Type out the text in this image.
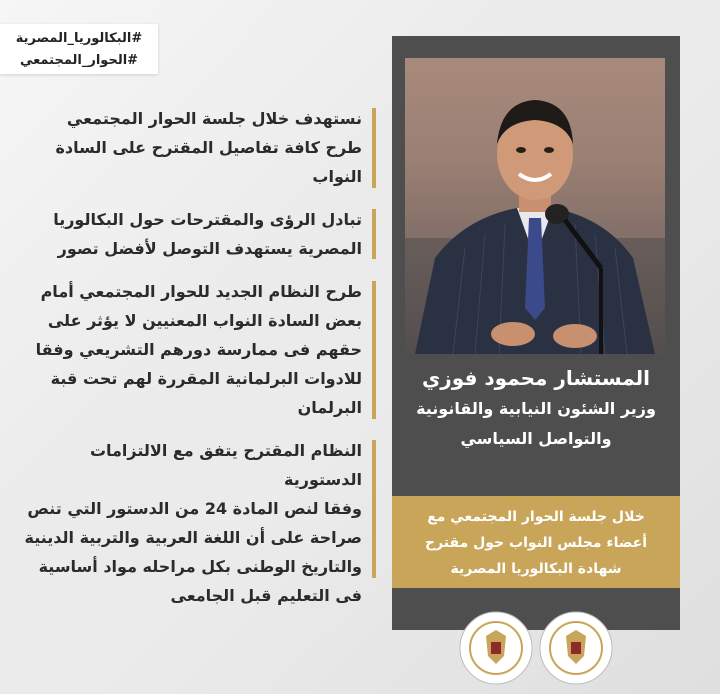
#البكالوريا_المصرية
#الحوار_المجتمعي

نستهدف خلال جلسة الحوار المجتمعي

طرح كافة تفاصيل المقترح على السادة

النواب

تبادل الرؤى والمقترحات حول البكالوريا

المصرية يستهدف التوصل لأفضل تصور

طرح النظام الجديد للحوار المجتمعي أمام

بعض السادة النواب المعنيين لا يؤثر على

حقهم فى ممارسة دورهم التشريعي وفقا

للادوات البرلمانية المقررة لهم تحت قبة

البرلمان

النظام المقترح يتفق مع الالتزامات الدستورية

وفقا لنص المادة 24 من الدستور التي تنص

صراحة على أن اللغة العربية والتربية الدينية

والتاريخ الوطنى بكل مراحله مواد أساسية

فى التعليم قبل الجامعى

المستشار محمود فوزي
وزير الشئون النيابية والقانونية
والتواصل السياسي
خلال جلسة الحوار المجتمعي مع
أعضاء مجلس النواب حول مقترح
شهادة البكالوريا المصرية
